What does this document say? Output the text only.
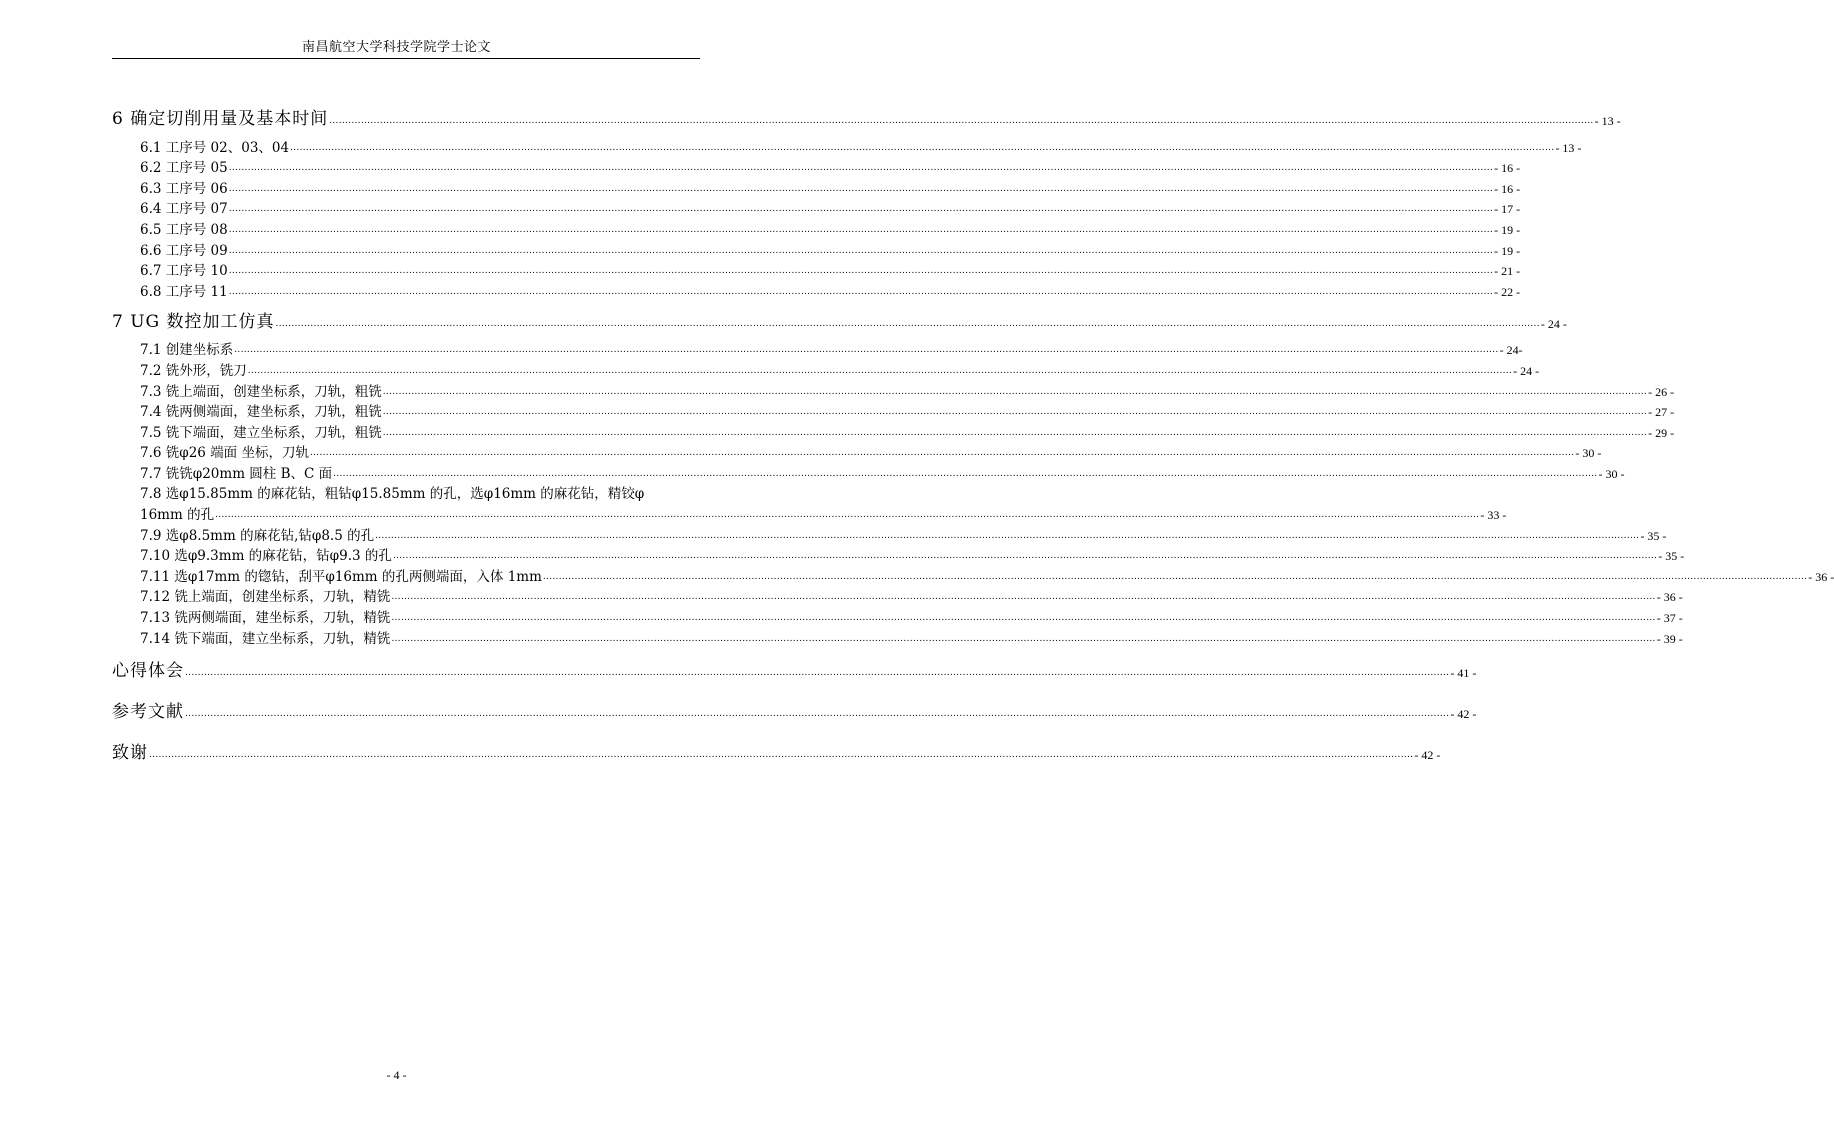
南昌航空大学科技学院学士论文
6 确定切削用量及基本时间 ................................................................................................................................................................................................................................................................................................................................................................................................................ - 13 -
6.1 工序号 02、03、04 ................................................................................................................................................................................................................................................................................................................................................................................................................ - 13 -
6.2 工序号 05 ................................................................................................................................................................................................................................................................................................................................................................................................................ - 16 -
6.3 工序号 06 ................................................................................................................................................................................................................................................................................................................................................................................................................ - 16 -
6.4 工序号 07 ................................................................................................................................................................................................................................................................................................................................................................................................................ - 17 -
6.5 工序号 08 ................................................................................................................................................................................................................................................................................................................................................................................................................ - 19 -
6.6 工序号 09 ................................................................................................................................................................................................................................................................................................................................................................................................................ - 19 -
6.7 工序号 10 ................................................................................................................................................................................................................................................................................................................................................................................................................ - 21 -
6.8 工序号 11 ................................................................................................................................................................................................................................................................................................................................................................................................................ - 22 -
7 UG 数控加工仿真 ................................................................................................................................................................................................................................................................................................................................................................................................................ - 24 -
7.1 创建坐标系 ................................................................................................................................................................................................................................................................................................................................................................................................................ - 24-
7.2 铣外形，铣刀 ................................................................................................................................................................................................................................................................................................................................................................................................................ - 24 -
7.3 铣上端面，创建坐标系，刀轨，粗铣 ................................................................................................................................................................................................................................................................................................................................................................................................................ - 26 -
7.4 铣两侧端面，建坐标系，刀轨，粗铣 ................................................................................................................................................................................................................................................................................................................................................................................................................ - 27 -
7.5 铣下端面，建立坐标系，刀轨，粗铣 ................................................................................................................................................................................................................................................................................................................................................................................................................ - 29 -
7.6 铣φ26 端面 坐标，刀轨 ................................................................................................................................................................................................................................................................................................................................................................................................................ - 30 -
7.7 铣铣φ20mm 圆柱 B、C 面 ................................................................................................................................................................................................................................................................................................................................................................................................................ - 30 -
7.8 选φ15.85mm 的麻花钻，粗钻φ15.85mm 的孔，选φ16mm 的麻花钻，精铰φ
16mm 的孔 ................................................................................................................................................................................................................................................................................................................................................................................................................ - 33 -
7.9 选φ8.5mm 的麻花钻,钻φ8.5 的孔 ................................................................................................................................................................................................................................................................................................................................................................................................................ - 35 -
7.10 选φ9.3mm 的麻花钻，钻φ9.3 的孔 ................................................................................................................................................................................................................................................................................................................................................................................................................ - 35 -
7.11 选φ17mm 的锪钻，刮平φ16mm 的孔两侧端面，入体 1mm ................................................................................................................................................................................................................................................................................................................................................................................................................ - 36 -
7.12 铣上端面，创建坐标系，刀轨，精铣 ................................................................................................................................................................................................................................................................................................................................................................................................................ - 36 -
7.13 铣两侧端面，建坐标系，刀轨，精铣 ................................................................................................................................................................................................................................................................................................................................................................................................................ - 37 -
7.14 铣下端面，建立坐标系，刀轨，精铣 ................................................................................................................................................................................................................................................................................................................................................................................................................ - 39 -
心得体会 ................................................................................................................................................................................................................................................................................................................................................................................................................ - 41 -
参考文献 ................................................................................................................................................................................................................................................................................................................................................................................................................ - 42 -
致谢 ................................................................................................................................................................................................................................................................................................................................................................................................................ - 42 -
- 4 -
